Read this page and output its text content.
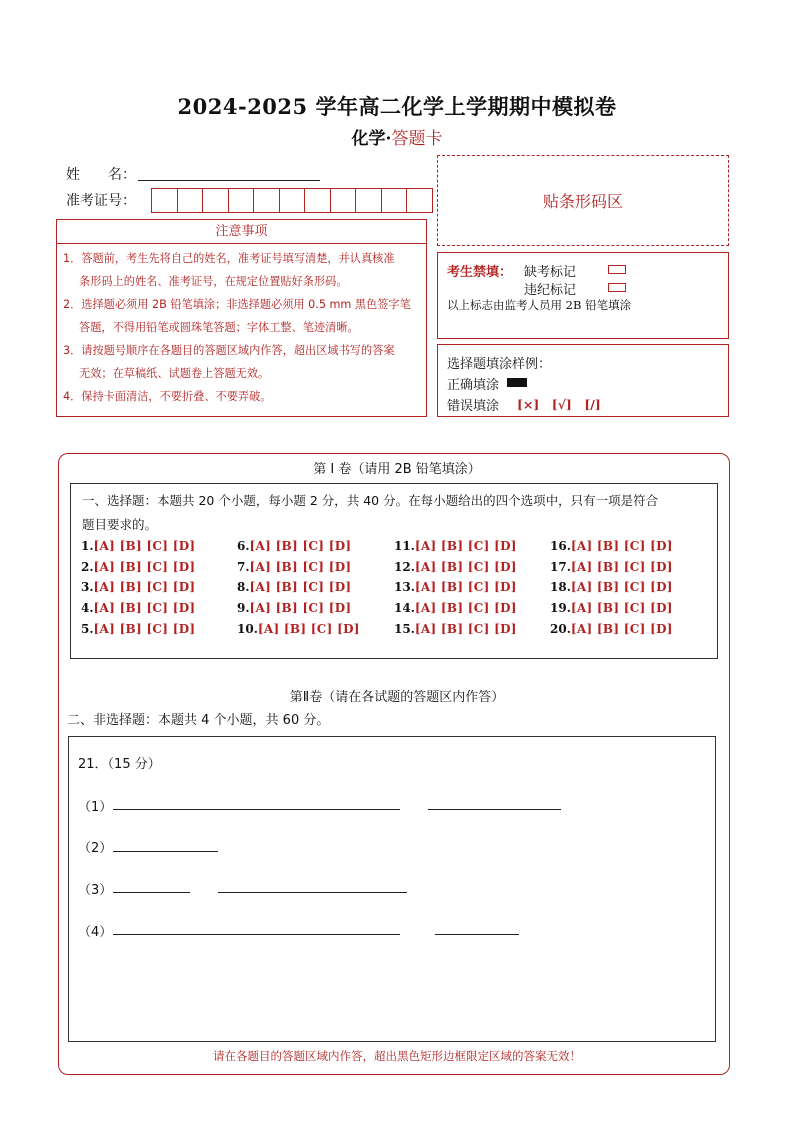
2024-2025 学年高二化学上学期期中模拟卷
化学·答题卡
姓　　名：
准考证号：	贴条形码区
注意事项
1．答题前，考生先将自己的姓名，准考证号填写清楚，并认真核准
条形码上的姓名、准考证号，在规定位置贴好条形码。
2．选择题必须用 2B 铅笔填涂；非选择题必须用 0.5 mm 黑色签字笔
答题，不得用铅笔或圆珠笔答题；字体工整、笔迹清晰。
3．请按题号顺序在各题目的答题区域内作答，超出区域书写的答案
无效；在草稿纸、试题卷上答题无效。
4．保持卡面清洁，不要折叠、不要弄破。
考生禁填： 缺考标记
违纪标记
以上标志由监考人员用 2B 铅笔填涂
选择题填涂样例：
正确填涂
错误填涂 [×]　[√]　[/]
第 I 卷（请用 2B 铅笔填涂）
一、选择题：本题共 20 个小题，每小题 2 分，共 40 分。在每小题给出的四个选项中，只有一项是符合
题目要求的。
1.[A] [B] [C] [D]
2.[A] [B] [C] [D]
3.[A] [B] [C] [D]
4.[A] [B] [C] [D]
5.[A] [B] [C] [D]
6.[A] [B] [C] [D]
7.[A] [B] [C] [D]
8.[A] [B] [C] [D]
9.[A] [B] [C] [D]
10.[A] [B] [C] [D]
11.[A] [B] [C] [D]
12.[A] [B] [C] [D]
13.[A] [B] [C] [D]
14.[A] [B] [C] [D]
15.[A] [B] [C] [D]
16.[A] [B] [C] [D]
17.[A] [B] [C] [D]
18.[A] [B] [C] [D]
19.[A] [B] [C] [D]
20.[A] [B] [C] [D]
第Ⅱ卷（请在各试题的答题区内作答）
二、非选择题：本题共 4 个小题，共 60 分。
21．（15 分）
（1）
（2）
（3）
（4）
请在各题目的答题区域内作答，超出黑色矩形边框限定区域的答案无效！
